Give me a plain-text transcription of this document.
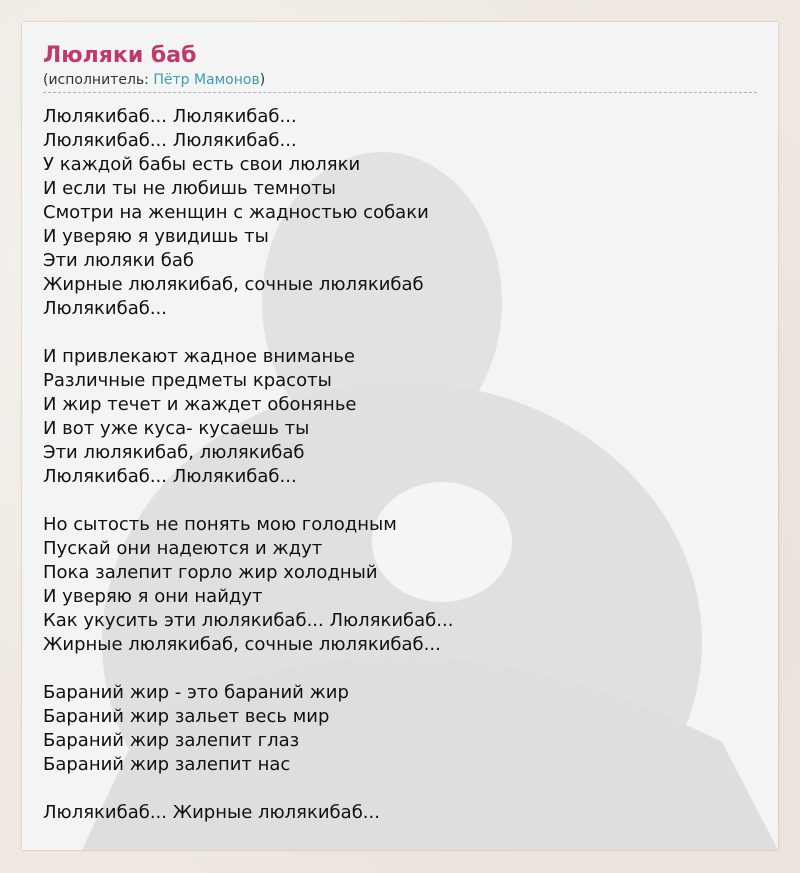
Люляки баб
(исполнитель: Пётр Мамонов)
Люлякибаб... Люлякибаб...
Люлякибаб... Люлякибаб...
У каждой бабы есть свои люляки
И если ты не любишь темноты
Смотри на женщин с жадностью собаки
И уверяю я увидишь ты
Эти люляки баб
Жирные люлякибаб, сочные люлякибаб
Люлякибаб...
И привлекают жадное вниманье
Различные предметы красоты
И жир течет и жаждет обонянье
И вот уже куса- кусаешь ты
Эти люлякибаб, люлякибаб
Люлякибаб... Люлякибаб...
Но сытость не понять мою голодным
Пускай они надеются и ждут
Пока залепит горло жир холодный
И уверяю я они найдут
Как укусить эти люлякибаб... Люлякибаб...
Жирные люлякибаб, сочные люлякибаб...
Бараний жир - это бараний жир
Бараний жир зальет весь мир
Бараний жир залепит глаз
Бараний жир залепит нас
Люлякибаб... Жирные люлякибаб...
